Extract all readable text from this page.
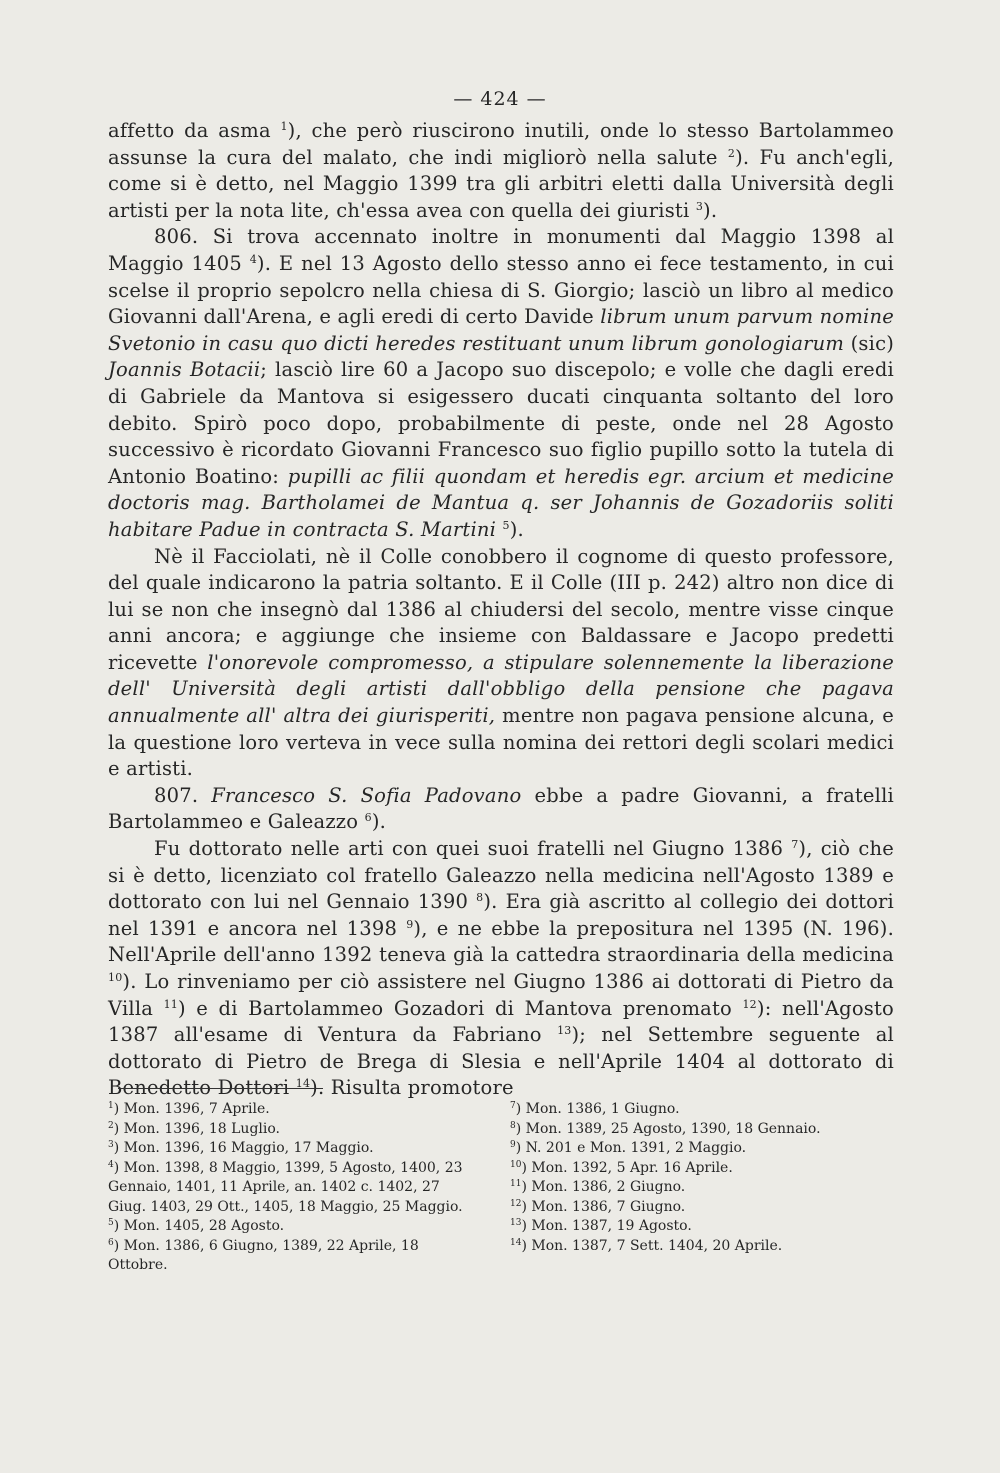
— 424 —

affetto da asma $^1$), che però riuscirono inutili, onde lo stesso Bartolammeo assunse la cura del malato, che indi migliorò nella salute $^2$). Fu anch'egli, come si è detto, nel Maggio 1399 tra gli arbitri eletti dalla Università degli artisti per la nota lite, ch'essa avea con quella dei giuristi $^3$).

806. Si trova accennato inoltre in monumenti dal Maggio 1398 al Maggio 1405 $^4$). E nel 13 Agosto dello stesso anno ei fece testamento, in cui scelse il proprio sepolcro nella chiesa di S. Giorgio; lasciò un libro al medico Giovanni dall'Arena, e agli eredi di certo Davide librum unum parvum nomine Svetonio in casu quo dicti heredes restituant unum librum gonologiarum (sic) Joannis Botacii; lasciò lire 60 a Jacopo suo discepolo; e volle che dagli eredi di Gabriele da Mantova si esigessero ducati cinquanta soltanto del loro debito. Spirò poco dopo, probabilmente di peste, onde nel 28 Agosto successivo è ricordato Giovanni Francesco suo figlio pupillo sotto la tutela di Antonio Boatino: pupilli ac filii quondam et heredis egr. arcium et medicine doctoris mag. Bartholamei de Mantua q. ser Johannis de Gozadoriis soliti habitare Padue in contracta S. Martini $^5$).

Nè il Facciolati, nè il Colle conobbero il cognome di questo professore, del quale indicarono la patria soltanto. E il Colle (III p. 242) altro non dice di lui se non che insegnò dal 1386 al chiudersi del secolo, mentre visse cinque anni ancora; e aggiunge che insieme con Baldassare e Jacopo predetti ricevette l'onorevole compromesso, a stipulare solennemente la liberazione dell' Università degli artisti dall'obbligo della pensione che pagava annualmente all' altra dei giurisperiti, mentre non pagava pensione alcuna, e la questione loro verteva in vece sulla nomina dei rettori degli scolari medici e artisti.

807. Francesco S. Sofia Padovano ebbe a padre Giovanni, a fratelli Bartolammeo e Galeazzo $^6$).

Fu dottorato nelle arti con quei suoi fratelli nel Giugno 1386 $^7$), ciò che si è detto, licenziato col fratello Galeazzo nella medicina nell'Agosto 1389 e dottorato con lui nel Gennaio 1390 $^8$). Era già ascritto al collegio dei dottori nel 1391 e ancora nel 1398 $^9$), e ne ebbe la prepositura nel 1395 (N. 196). Nell'Aprile dell'anno 1392 teneva già la cattedra straordinaria della medicina $^{10}$). Lo rinveniamo per ciò assistere nel Giugno 1386 ai dottorati di Pietro da Villa $^{11}$) e di Bartolammeo Gozadori di Mantova prenomato $^{12}$): nell'Agosto 1387 all'esame di Ventura da Fabriano $^{13}$); nel Settembre seguente al dottorato di Pietro de Brega di Slesia e nell'Aprile 1404 al dottorato di Benedetto Dottori $^{14}$). Risulta promotore

$^1$) Mon. 1396, 7 Aprile.

$^2$) Mon. 1396, 18 Luglio.

$^3$) Mon. 1396, 16 Maggio, 17 Maggio.

$^4$) Mon. 1398, 8 Maggio, 1399, 5 Agosto, 1400, 23 Gennaio, 1401, 11 Aprile, an. 1402 c. 1402, 27 Giug. 1403, 29 Ott., 1405, 18 Maggio, 25 Maggio.

$^5$) Mon. 1405, 28 Agosto.

$^6$) Mon. 1386, 6 Giugno, 1389, 22 Aprile, 18 Ottobre.

$^7$) Mon. 1386, 1 Giugno.

$^8$) Mon. 1389, 25 Agosto, 1390, 18 Gennaio.

$^9$) N. 201 e Mon. 1391, 2 Maggio.

$^{10}$) Mon. 1392, 5 Apr. 16 Aprile.

$^{11}$) Mon. 1386, 2 Giugno.

$^{12}$) Mon. 1386, 7 Giugno.

$^{13}$) Mon. 1387, 19 Agosto.

$^{14}$) Mon. 1387, 7 Sett. 1404, 20 Aprile.
